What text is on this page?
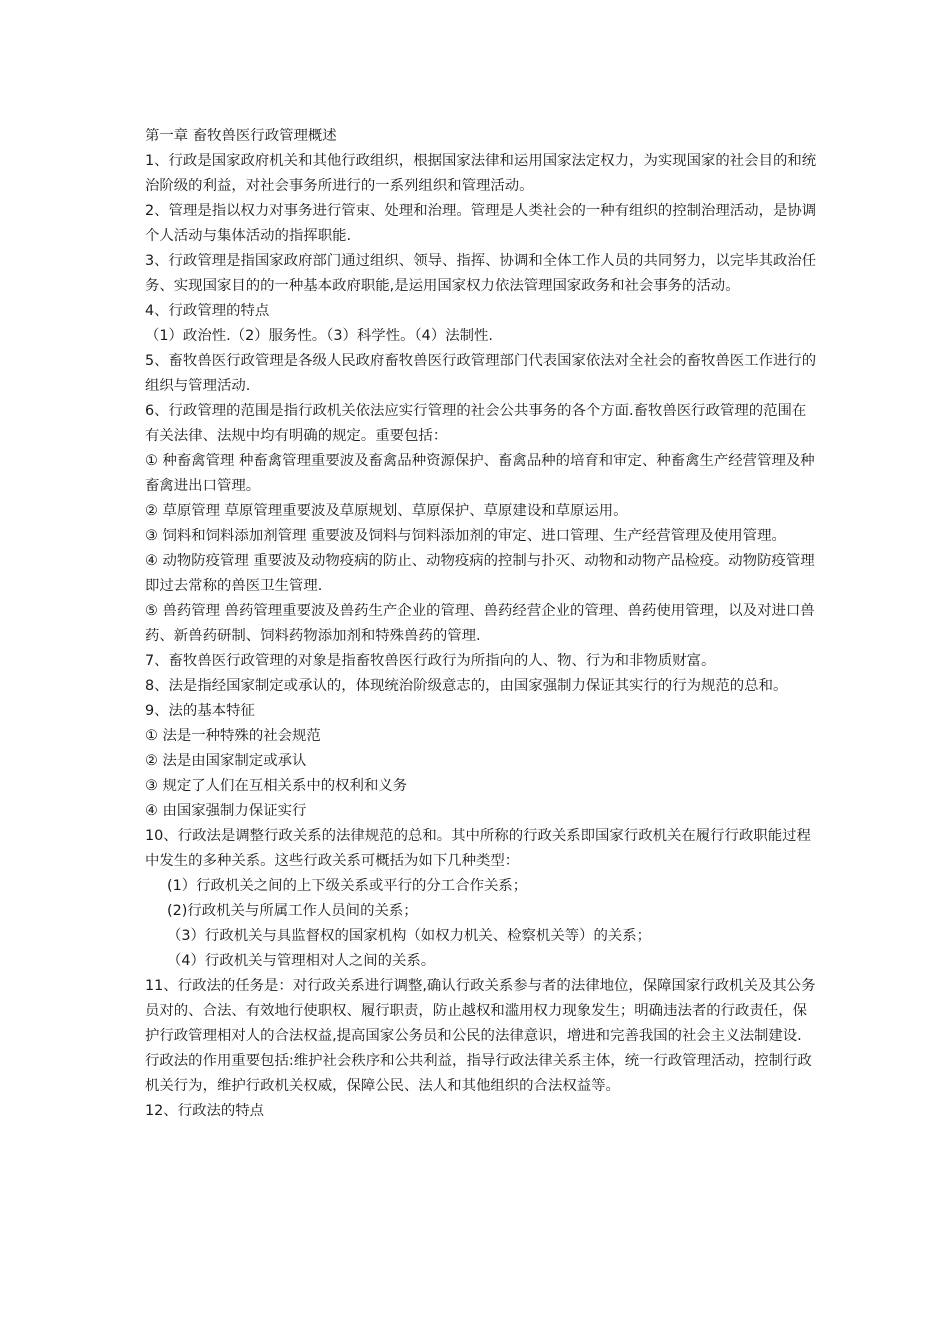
第一章 畜牧兽医行政管理概述

1、行政是国家政府机关和其他行政组织，根据国家法律和运用国家法定权力，为实现国家的社会目的和统治阶级的利益，对社会事务所进行的一系列组织和管理活动。

2、管理是指以权力对事务进行管束、处理和治理。管理是人类社会的一种有组织的控制治理活动，是协调个人活动与集体活动的指挥职能.

3、行政管理是指国家政府部门通过组织、领导、指挥、协调和全体工作人员的共同努力，以完毕其政治任务、实现国家目的的一种基本政府职能,是运用国家权力依法管理国家政务和社会事务的活动。

4、行政管理的特点

（1）政治性.（2）服务性。（3）科学性。（4）法制性.

5、畜牧兽医行政管理是各级人民政府畜牧兽医行政管理部门代表国家依法对全社会的畜牧兽医工作进行的组织与管理活动.

6、行政管理的范围是指行政机关依法应实行管理的社会公共事务的各个方面.畜牧兽医行政管理的范围在有关法律、法规中均有明确的规定。重要包括：

① 种畜禽管理 种畜禽管理重要波及畜禽品种资源保护、畜禽品种的培育和审定、种畜禽生产经营管理及种畜禽进出口管理。

② 草原管理 草原管理重要波及草原规划、草原保护、草原建设和草原运用。

③ 饲料和饲料添加剂管理 重要波及饲料与饲料添加剂的审定、进口管理、生产经营管理及使用管理。

④ 动物防疫管理 重要波及动物疫病的防止、动物疫病的控制与扑灭、动物和动物产品检疫。动物防疫管理即过去常称的兽医卫生管理.

⑤ 兽药管理 兽药管理重要波及兽药生产企业的管理、兽药经营企业的管理、兽药使用管理，以及对进口兽药、新兽药研制、饲料药物添加剂和特殊兽药的管理.

7、畜牧兽医行政管理的对象是指畜牧兽医行政行为所指向的人、物、行为和非物质财富。

8、法是指经国家制定或承认的，体现统治阶级意志的，由国家强制力保证其实行的行为规范的总和。

9、法的基本特征

① 法是一种特殊的社会规范

② 法是由国家制定或承认

③ 规定了人们在互相关系中的权利和义务

④ 由国家强制力保证实行

10、行政法是调整行政关系的法律规范的总和。其中所称的行政关系即国家行政机关在履行行政职能过程中发生的多种关系。这些行政关系可概括为如下几种类型：

(1）行政机关之间的上下级关系或平行的分工合作关系；

(2)行政机关与所属工作人员间的关系；

（3）行政机关与具监督权的国家机构（如权力机关、检察机关等）的关系；

（4）行政机关与管理相对人之间的关系。

11、行政法的任务是：对行政关系进行调整,确认行政关系参与者的法律地位，保障国家行政机关及其公务员对的、合法、有效地行使职权、履行职责，防止越权和滥用权力现象发生；明确违法者的行政责任，保护行政管理相对人的合法权益,提高国家公务员和公民的法律意识，增进和完善我国的社会主义法制建设.

行政法的作用重要包括:维护社会秩序和公共利益，指导行政法律关系主体，统一行政管理活动，控制行政机关行为，维护行政机关权威，保障公民、法人和其他组织的合法权益等。

12、行政法的特点
